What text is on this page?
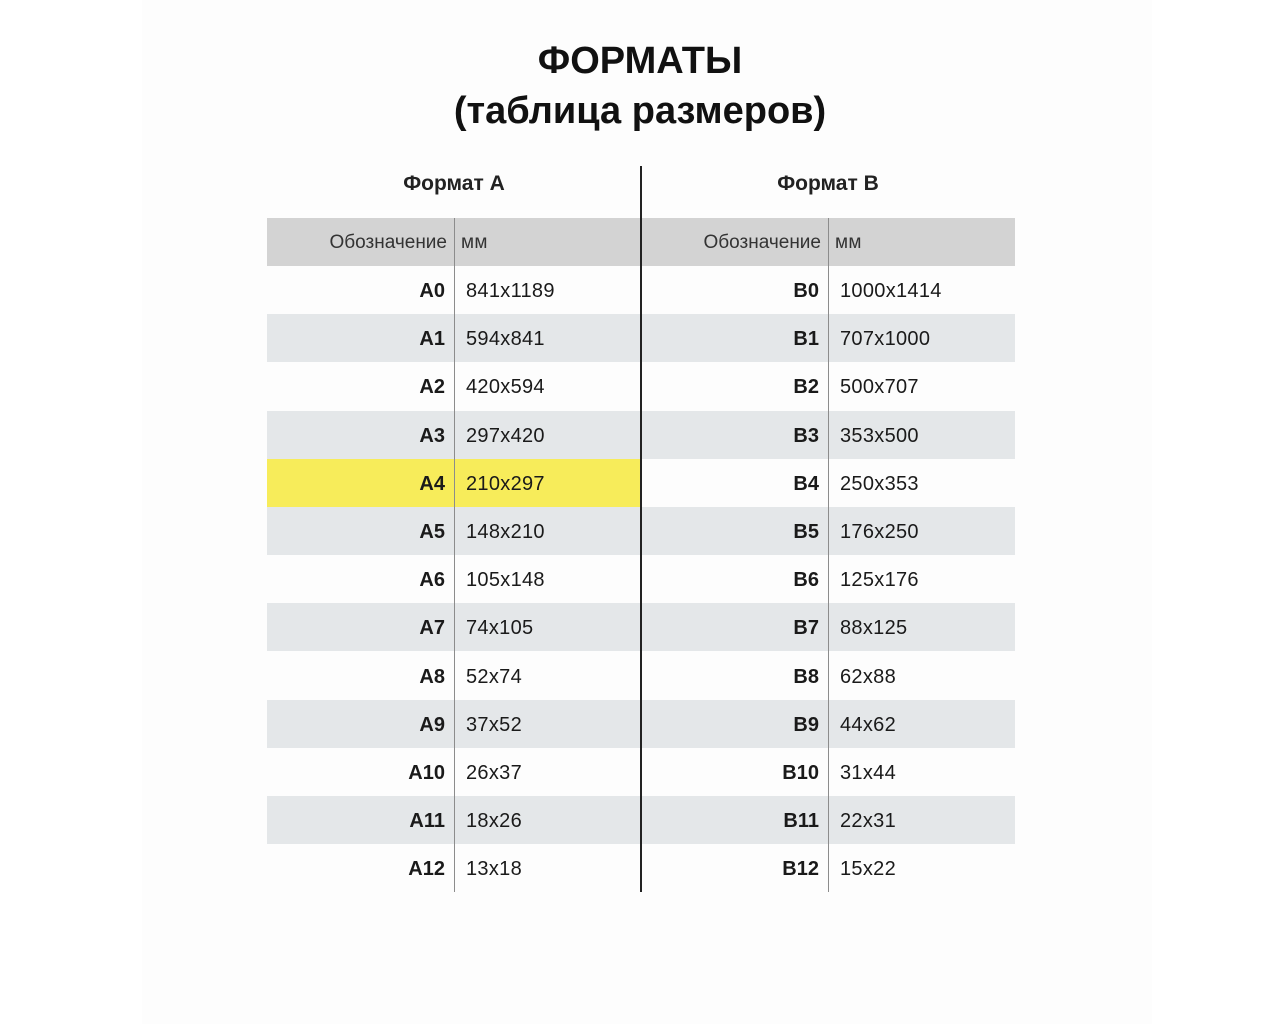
ФОРМАТЫ
(таблица размеров)
Формат А
Обозначение мм
A0 841x1189
A1 594x841
A2 420x594
A3 297x420
A4 210x297
A5 148x210
A6 105x148
A7 74x105
A8 52x74
A9 37x52
A10 26x37
A11 18x26
A12 13x18
Формат B
Обозначение мм
B0 1000x1414
B1 707x1000
B2 500x707
B3 353x500
B4 250x353
B5 176x250
B6 125x176
B7 88x125
B8 62x88
B9 44x62
B10 31x44
B11 22x31
B12 15x22
